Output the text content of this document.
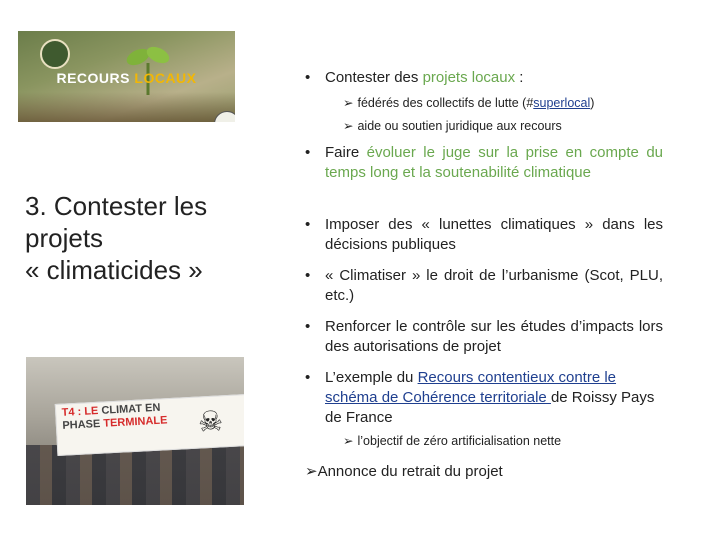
RECOURS LOCAUX
3. Contester les
projets
« climaticides »
T4 : LE CLIMAT EN
PHASE TERMINALE	☠
• Contester des projets locaux :
➢ fédérés des collectifs de lutte (#superlocal)
➢ aide ou soutien juridique aux recours
• Faire évoluer le juge sur la prise en compte du temps long et la soutenabilité climatique
• Imposer des « lunettes climatiques » dans les décisions publiques
• « Climatiser » le droit de l’urbanisme (Scot, PLU, etc.)
• Renforcer le contrôle sur les études d’impacts lors des autorisations de projet
• L’exemple du Recours contentieux contre le schéma de Cohérence territoriale de Roissy Pays de France
➢ l’objectif de zéro artificialisation nette
➢Annonce du retrait du projet
